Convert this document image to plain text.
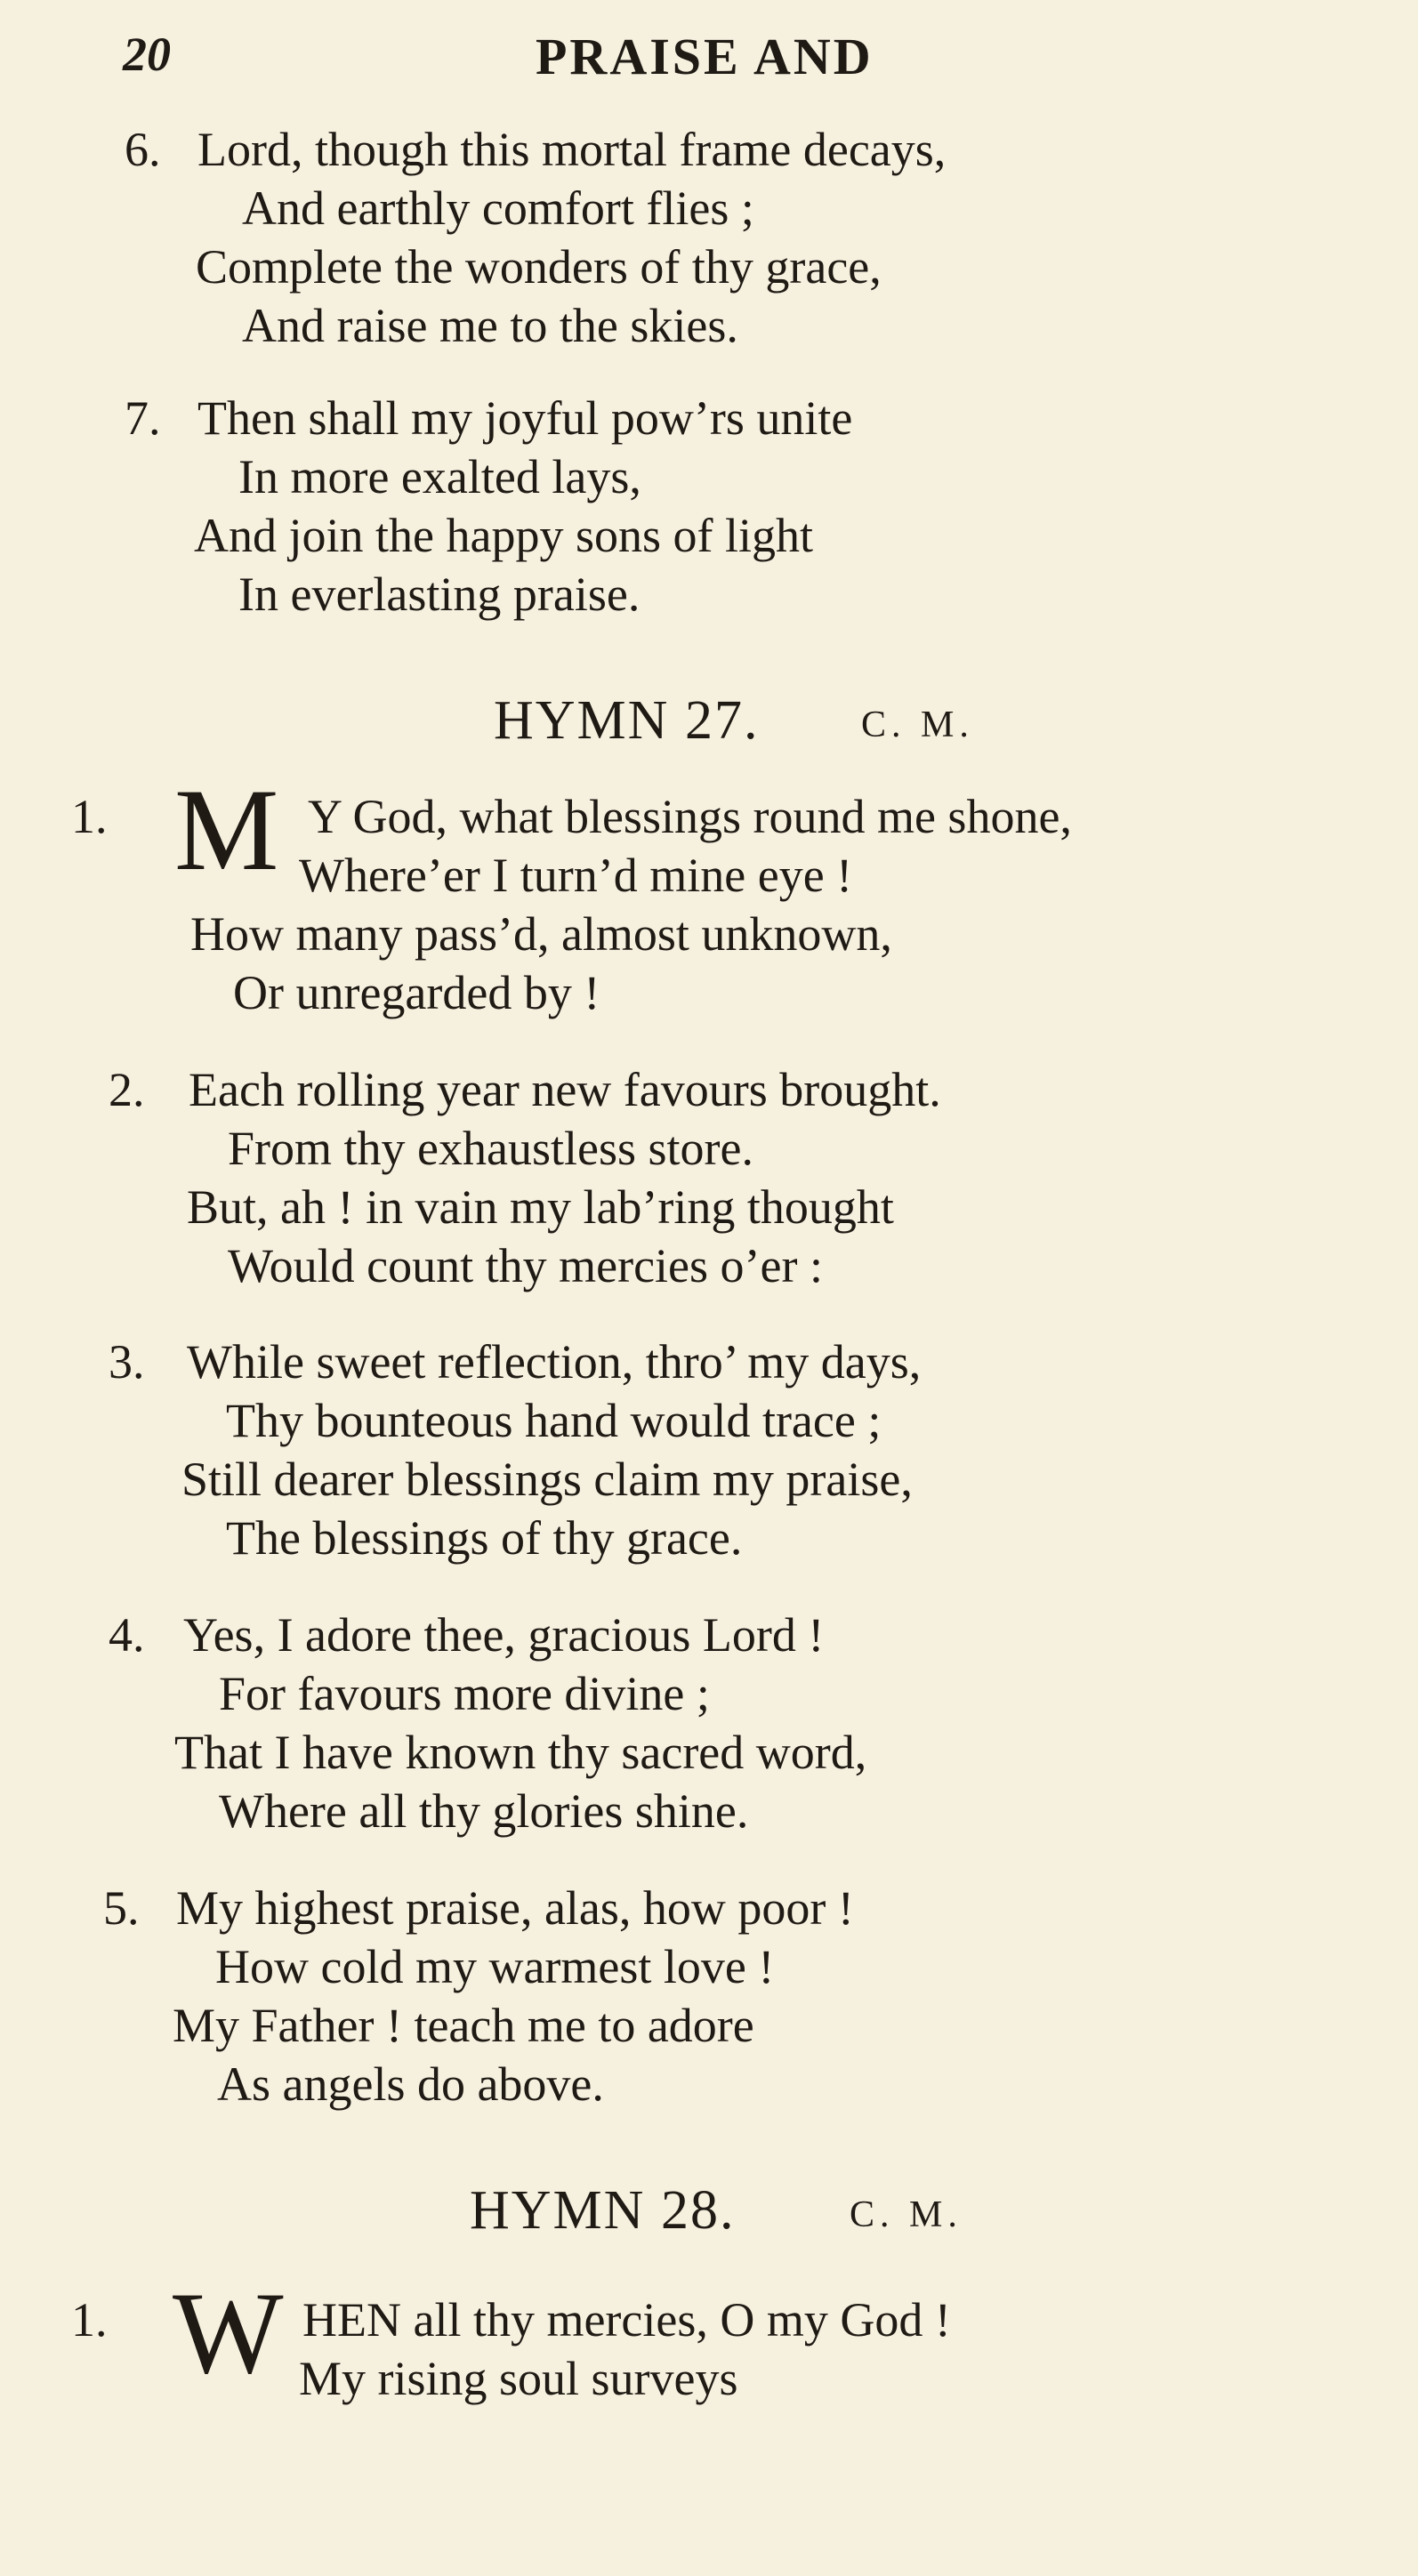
20	PRAISE AND
6. Lord, though this mortal frame decays,
And earthly comfort flies ;
Complete the wonders of thy grace,
And raise me to the skies.
7. Then shall my joyful pow’rs unite
In more exalted lays,
And join the happy sons of light
In everlasting praise.
HYMN 27.	C. M.
1. M Y God, what blessings round me shone,
Where’er I turn’d mine eye !
How many pass’d, almost unknown,
Or unregarded by !
2. Each rolling year new favours brought.
From thy exhaustless store.
But, ah ! in vain my lab’ring thought
Would count thy mercies o’er :
3. While sweet reflection, thro’ my days,
Thy bounteous hand would trace ;
Still dearer blessings claim my praise,
The blessings of thy grace.
4. Yes, I adore thee, gracious Lord !
For favours more divine ;
That I have known thy sacred word,
Where all thy glories shine.
5. My highest praise, alas, how poor !
How cold my warmest love !
My Father ! teach me to adore
As angels do above.
HYMN 28.	C. M.
1. W HEN all thy mercies, O my God !
My rising soul surveys
